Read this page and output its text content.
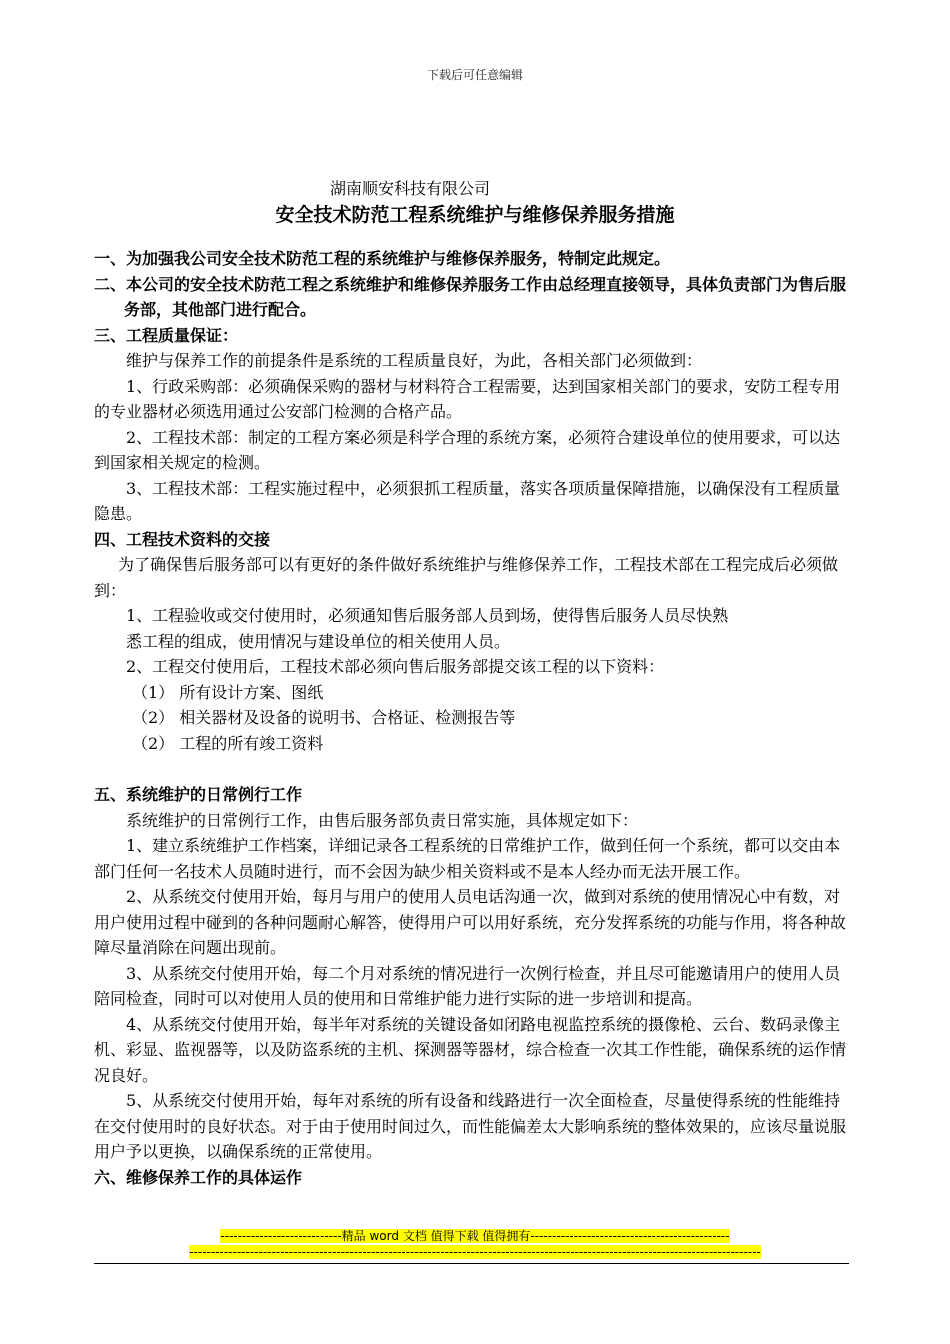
下载后可任意编辑
湖南顺安科技有限公司
安全技术防范工程系统维护与维修保养服务措施

一、为加强我公司安全技术防范工程的系统维护与维修保养服务，特制定此规定。

二、本公司的安全技术防范工程之系统维护和维修保养服务工作由总经理直接领导，具体负责部门为售后服务部，其他部门进行配合。

三、工程质量保证：

维护与保养工作的前提条件是系统的工程质量良好，为此，各相关部门必须做到：

1、行政采购部：必须确保采购的器材与材料符合工程需要，达到国家相关部门的要求，安防工程专用的专业器材必须选用通过公安部门检测的合格产品。

2、工程技术部：制定的工程方案必须是科学合理的系统方案，必须符合建设单位的使用要求，可以达到国家相关规定的检测。

3、工程技术部：工程实施过程中，必须狠抓工程质量，落实各项质量保障措施，以确保没有工程质量隐患。

四、工程技术资料的交接

为了确保售后服务部可以有更好的条件做好系统维护与维修保养工作，工程技术部在工程完成后必须做到：

1、工程验收或交付使用时，必须通知售后服务部人员到场，使得售后服务人员尽快熟

悉工程的组成，使用情况与建设单位的相关使用人员。

2、工程交付使用后，工程技术部必须向售后服务部提交该工程的以下资料：

（1） 所有设计方案、图纸

（2） 相关器材及设备的说明书、合格证、检测报告等

（2） 工程的所有竣工资料

五、系统维护的日常例行工作

系统维护的日常例行工作，由售后服务部负责日常实施，具体规定如下：

1、建立系统维护工作档案，详细记录各工程系统的日常维护工作，做到任何一个系统，都可以交由本部门任何一名技术人员随时进行，而不会因为缺少相关资料或不是本人经办而无法开展工作。

2、从系统交付使用开始，每月与用户的使用人员电话沟通一次，做到对系统的使用情况心中有数，对用户使用过程中碰到的各种问题耐心解答，使得用户可以用好系统，充分发挥系统的功能与作用，将各种故障尽量消除在问题出现前。

3、从系统交付使用开始，每二个月对系统的情况进行一次例行检查，并且尽可能邀请用户的使用人员陪同检查，同时可以对使用人员的使用和日常维护能力进行实际的进一步培训和提高。

4、从系统交付使用开始，每半年对系统的关键设备如闭路电视监控系统的摄像枪、云台、数码录像主机、彩显、监视器等，以及防盗系统的主机、探测器等器材，综合检查一次其工作性能，确保系统的运作情况良好。

5、从系统交付使用开始，每年对系统的所有设备和线路进行一次全面检查，尽量使得系统的性能维持在交付使用时的良好状态。对于由于使用时间过久，而性能偏差太大影响系统的整体效果的，应该尽量说服用户予以更换，以确保系统的正常使用。

六、维修保养工作的具体运作

----------------------------精品 word 文档 值得下载 值得拥有----------------------------------------------
------------------------------------------------------------------------------------------------------------------------------------
